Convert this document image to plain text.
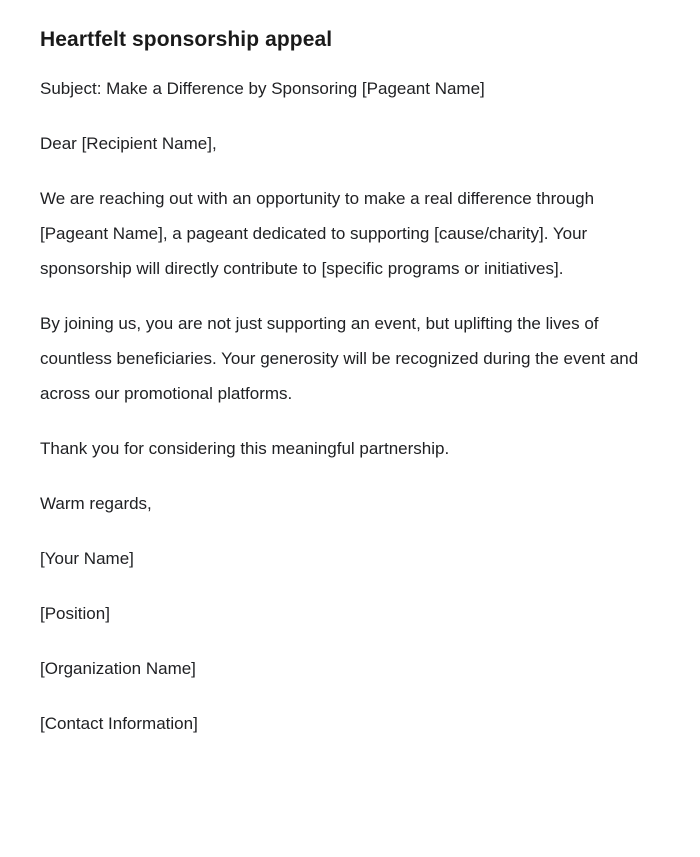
Heartfelt sponsorship appeal

Subject: Make a Difference by Sponsoring [Pageant Name]

Dear [Recipient Name],

We are reaching out with an opportunity to make a real difference through [Pageant Name], a pageant dedicated to supporting [cause/charity]. Your sponsorship will directly contribute to [specific programs or initiatives].

By joining us, you are not just supporting an event, but uplifting the lives of countless beneficiaries. Your generosity will be recognized during the event and across our promotional platforms.

Thank you for considering this meaningful partnership.

Warm regards,

[Your Name]

[Position]

[Organization Name]

[Contact Information]
